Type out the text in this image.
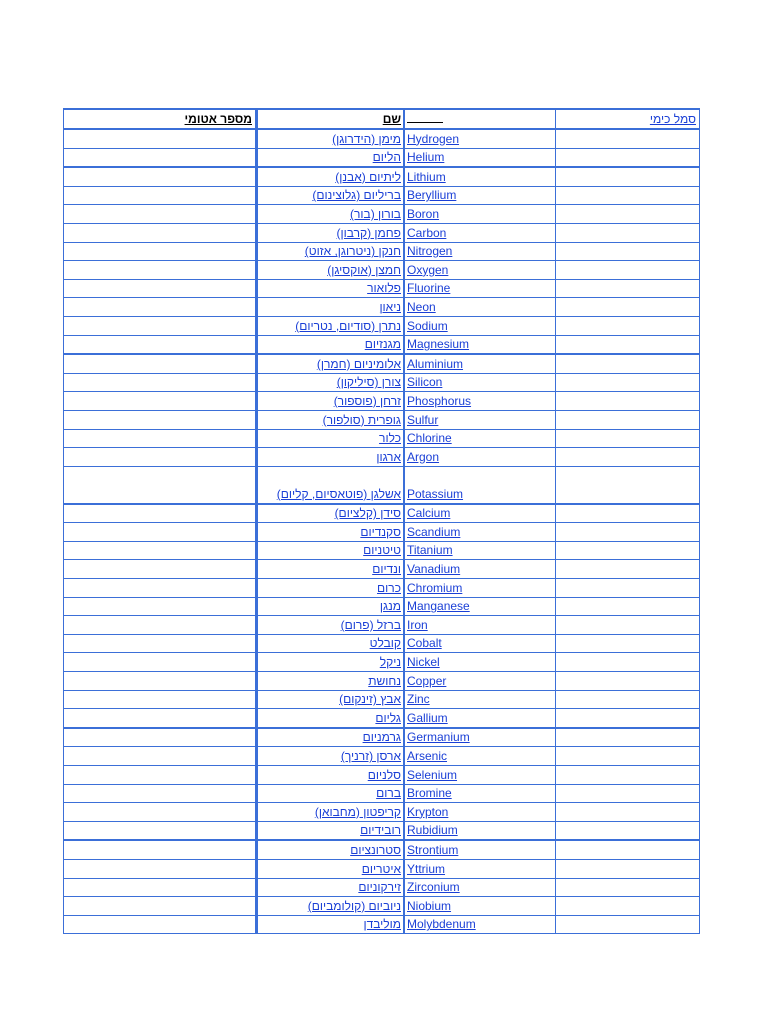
מספר אטומי	שם		סמל כימי
	מימן (הידרוגן)	Hydrogen	
	הליום	Helium	
	ליתיום (אבנן)	Lithium	
	בריליום (גלוצינום)	Beryllium	
	בורון (בור)	Boron	
	פחמן (קרבון)	Carbon	
	חנקן (ניטרוגן, אזוט)	Nitrogen	
	חמצן (אוקסיגן)	Oxygen	
	פלואור	Fluorine	
	ניאון	Neon	
	נתרן (סודיום, נטריום)	Sodium	
	מגנזיום	Magnesium	
	אלומיניום (חמרן)	Aluminium	
	צורן (סיליקון)	Silicon	
	זרחן (פוספור)	Phosphorus	
	גופרית (סולפור)	Sulfur	
	כלור	Chlorine	
	ארגון	Argon	
	אשלגן (פוטאסיום, קליום)	Potassium	
	סידן (קלציום)	Calcium	
	סקנדיום	Scandium	
	טיטניום	Titanium	
	ונדיום	Vanadium	
	כרום	Chromium	
	מנגן	Manganese	
	ברזל (פרום)	Iron	
	קובלט	Cobalt	
	ניקל	Nickel	
	נחושת	Copper	
	אבץ (זינקום)	Zinc	
	גליום	Gallium	
	גרמניום	Germanium	
	ארסן (זרניך)	Arsenic	
	סלניום	Selenium	
	ברום	Bromine	
	קריפטון (מחבואן)	Krypton	
	רובידיום	Rubidium	
	סטרונציום	Strontium	
	איטריום	Yttrium	
	זירקוניום	Zirconium	
	ניוביום (קולומביום)	Niobium	
	מוליבדן	Molybdenum	
